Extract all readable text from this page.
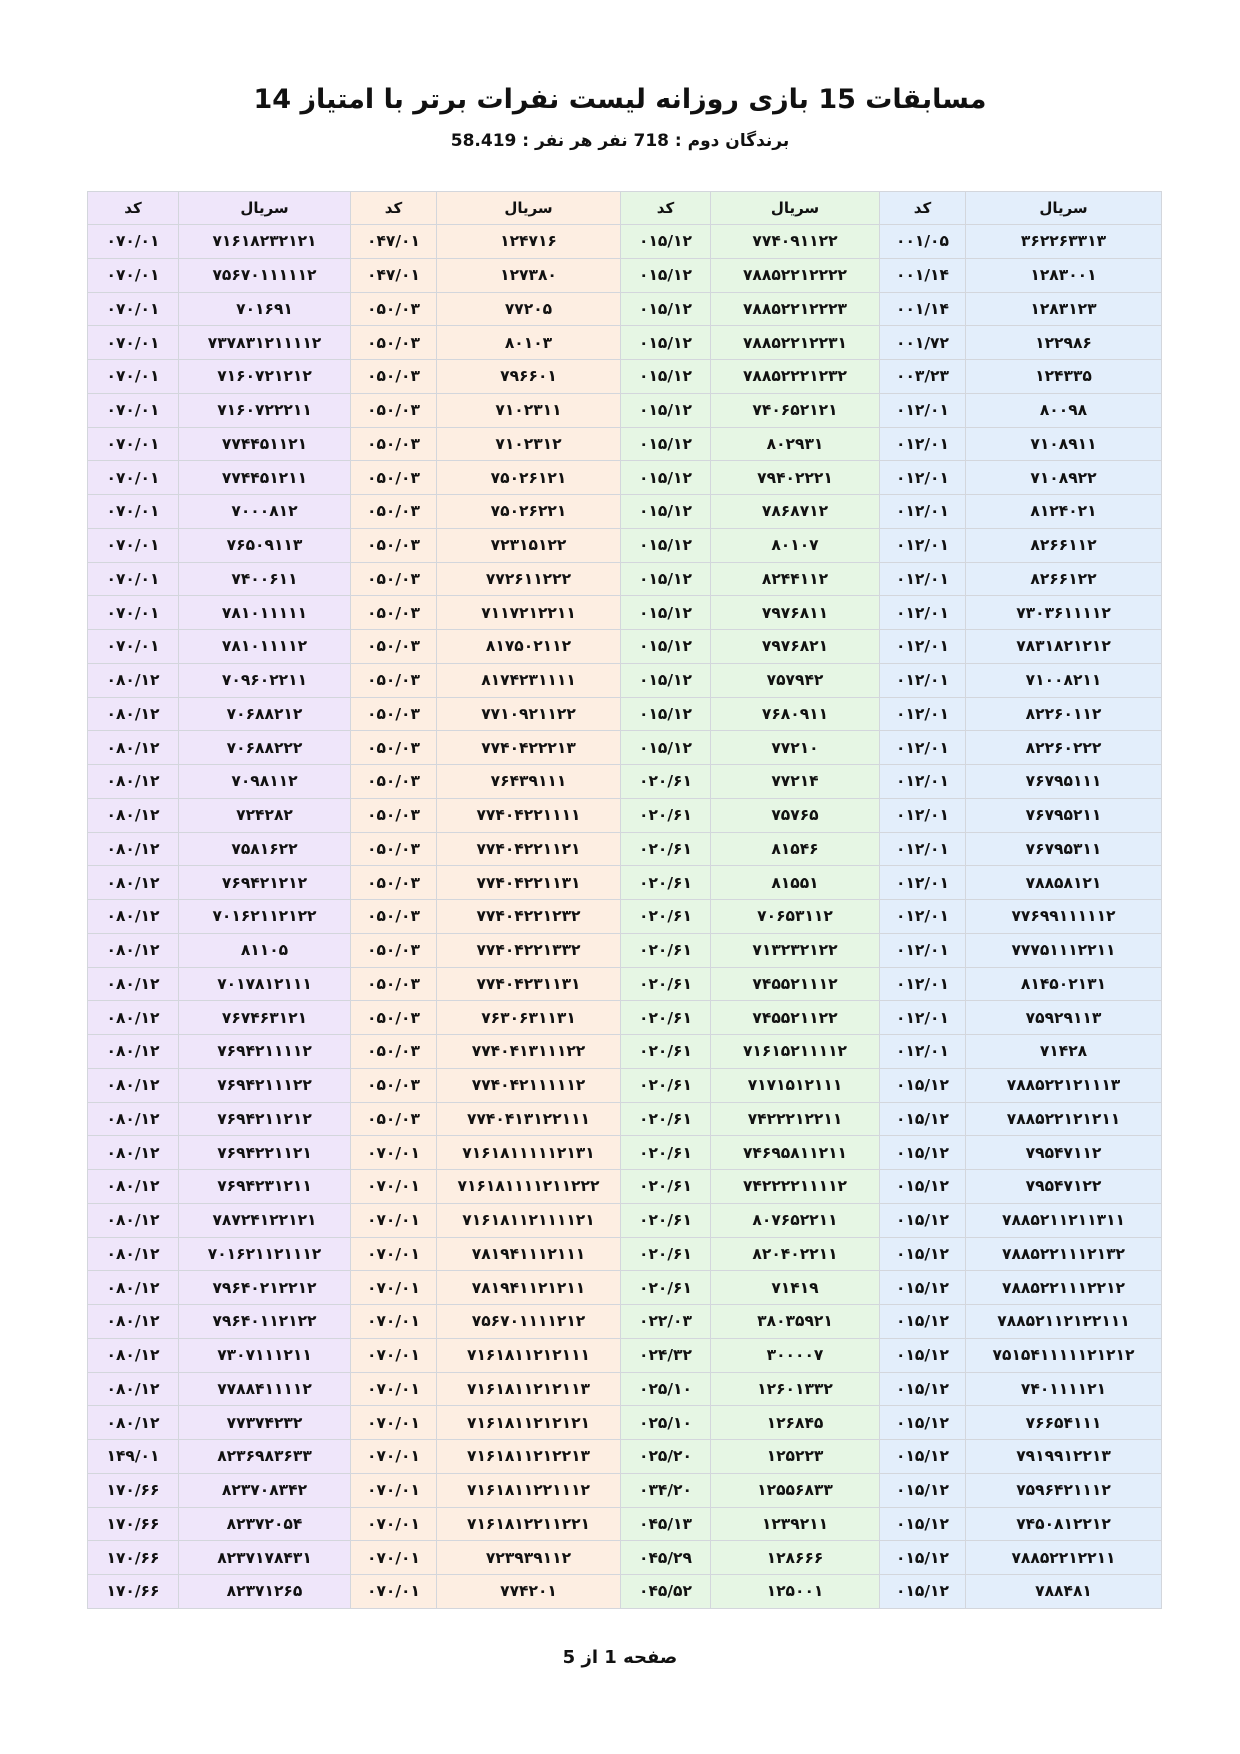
مسابقات 15 بازی روزانه لیست نفرات برتر با امتیاز 14
برندگان دوم : 718 نفر هر نفر : 58.419
سریال	کد	سریال	کد	سریال	کد	سریال	کد
۳۶۲۲۶۳۳۱۳	۰۰۱/۰۵	۷۷۴۰۹۱۱۲۲	۰۱۵/۱۲	۱۲۴۷۱۶	۰۴۷/۰۱	۷۱۶۱۸۲۳۲۱۲۱	۰۷۰/۰۱
۱۲۸۳۰۰۱	۰۰۱/۱۴	۷۸۸۵۲۲۱۲۲۲۲	۰۱۵/۱۲	۱۲۷۳۸۰	۰۴۷/۰۱	۷۵۶۷۰۱۱۱۱۱۲	۰۷۰/۰۱
۱۲۸۳۱۲۳	۰۰۱/۱۴	۷۸۸۵۲۲۱۲۲۲۳	۰۱۵/۱۲	۷۷۲۰۵	۰۵۰/۰۳	۷۰۱۶۹۱	۰۷۰/۰۱
۱۲۲۹۸۶	۰۰۱/۷۲	۷۸۸۵۲۲۱۲۲۳۱	۰۱۵/۱۲	۸۰۱۰۳	۰۵۰/۰۳	۷۳۷۸۳۱۲۱۱۱۱۲	۰۷۰/۰۱
۱۲۴۳۳۵	۰۰۳/۲۳	۷۸۸۵۲۲۲۱۲۳۲	۰۱۵/۱۲	۷۹۶۶۰۱	۰۵۰/۰۳	۷۱۶۰۷۲۱۲۱۲	۰۷۰/۰۱
۸۰۰۹۸	۰۱۲/۰۱	۷۴۰۶۵۲۱۲۱	۰۱۵/۱۲	۷۱۰۲۳۱۱	۰۵۰/۰۳	۷۱۶۰۷۲۲۲۱۱	۰۷۰/۰۱
۷۱۰۸۹۱۱	۰۱۲/۰۱	۸۰۲۹۳۱	۰۱۵/۱۲	۷۱۰۲۳۱۲	۰۵۰/۰۳	۷۷۴۴۵۱۱۲۱	۰۷۰/۰۱
۷۱۰۸۹۲۲	۰۱۲/۰۱	۷۹۴۰۲۲۲۱	۰۱۵/۱۲	۷۵۰۲۶۱۲۱	۰۵۰/۰۳	۷۷۴۴۵۱۲۱۱	۰۷۰/۰۱
۸۱۲۴۰۲۱	۰۱۲/۰۱	۷۸۶۸۷۱۲	۰۱۵/۱۲	۷۵۰۲۶۲۲۱	۰۵۰/۰۳	۷۰۰۰۸۱۲	۰۷۰/۰۱
۸۲۶۶۱۱۲	۰۱۲/۰۱	۸۰۱۰۷	۰۱۵/۱۲	۷۲۳۱۵۱۲۲	۰۵۰/۰۳	۷۶۵۰۹۱۱۳	۰۷۰/۰۱
۸۲۶۶۱۲۲	۰۱۲/۰۱	۸۲۴۴۱۱۲	۰۱۵/۱۲	۷۷۲۶۱۱۲۲۲	۰۵۰/۰۳	۷۴۰۰۶۱۱	۰۷۰/۰۱
۷۳۰۳۶۱۱۱۱۲	۰۱۲/۰۱	۷۹۷۶۸۱۱	۰۱۵/۱۲	۷۱۱۷۲۱۲۲۱۱	۰۵۰/۰۳	۷۸۱۰۱۱۱۱۱	۰۷۰/۰۱
۷۸۳۱۸۲۱۲۱۲	۰۱۲/۰۱	۷۹۷۶۸۲۱	۰۱۵/۱۲	۸۱۷۵۰۲۱۱۲	۰۵۰/۰۳	۷۸۱۰۱۱۱۱۲	۰۷۰/۰۱
۷۱۰۰۸۲۱۱	۰۱۲/۰۱	۷۵۷۹۴۲	۰۱۵/۱۲	۸۱۷۴۲۳۱۱۱۱	۰۵۰/۰۳	۷۰۹۶۰۲۲۱۱	۰۸۰/۱۲
۸۲۲۶۰۱۱۲	۰۱۲/۰۱	۷۶۸۰۹۱۱	۰۱۵/۱۲	۷۷۱۰۹۲۱۱۲۲	۰۵۰/۰۳	۷۰۶۸۸۲۱۲	۰۸۰/۱۲
۸۲۲۶۰۲۲۲	۰۱۲/۰۱	۷۷۲۱۰	۰۱۵/۱۲	۷۷۴۰۴۲۲۲۱۳	۰۵۰/۰۳	۷۰۶۸۸۲۲۲	۰۸۰/۱۲
۷۶۷۹۵۱۱۱	۰۱۲/۰۱	۷۷۲۱۴	۰۲۰/۶۱	۷۶۴۳۹۱۱۱	۰۵۰/۰۳	۷۰۹۸۱۱۲	۰۸۰/۱۲
۷۶۷۹۵۲۱۱	۰۱۲/۰۱	۷۵۷۶۵	۰۲۰/۶۱	۷۷۴۰۴۲۲۱۱۱۱	۰۵۰/۰۳	۷۲۴۲۸۲	۰۸۰/۱۲
۷۶۷۹۵۳۱۱	۰۱۲/۰۱	۸۱۵۴۶	۰۲۰/۶۱	۷۷۴۰۴۲۲۱۱۲۱	۰۵۰/۰۳	۷۵۸۱۶۲۲	۰۸۰/۱۲
۷۸۸۵۸۱۲۱	۰۱۲/۰۱	۸۱۵۵۱	۰۲۰/۶۱	۷۷۴۰۴۲۲۱۱۳۱	۰۵۰/۰۳	۷۶۹۴۲۱۲۱۲	۰۸۰/۱۲
۷۷۶۹۹۱۱۱۱۱۲	۰۱۲/۰۱	۷۰۶۵۳۱۱۲	۰۲۰/۶۱	۷۷۴۰۴۲۲۱۲۳۲	۰۵۰/۰۳	۷۰۱۶۲۱۱۲۱۲۲	۰۸۰/۱۲
۷۷۷۵۱۱۱۲۲۱۱	۰۱۲/۰۱	۷۱۳۲۳۲۱۲۲	۰۲۰/۶۱	۷۷۴۰۴۲۲۱۳۳۲	۰۵۰/۰۳	۸۱۱۰۵	۰۸۰/۱۲
۸۱۴۵۰۲۱۳۱	۰۱۲/۰۱	۷۴۵۵۲۱۱۱۲	۰۲۰/۶۱	۷۷۴۰۴۲۳۱۱۳۱	۰۵۰/۰۳	۷۰۱۷۸۱۲۱۱۱	۰۸۰/۱۲
۷۵۹۲۹۱۱۳	۰۱۲/۰۱	۷۴۵۵۲۱۱۲۲	۰۲۰/۶۱	۷۶۳۰۶۳۱۱۳۱	۰۵۰/۰۳	۷۶۷۴۶۳۱۲۱	۰۸۰/۱۲
۷۱۴۲۸	۰۱۲/۰۱	۷۱۶۱۵۲۱۱۱۱۲	۰۲۰/۶۱	۷۷۴۰۴۱۳۱۱۱۲۲	۰۵۰/۰۳	۷۶۹۴۲۱۱۱۱۲	۰۸۰/۱۲
۷۸۸۵۲۲۱۲۱۱۱۳	۰۱۵/۱۲	۷۱۷۱۵۱۲۱۱۱	۰۲۰/۶۱	۷۷۴۰۴۲۱۱۱۱۱۲	۰۵۰/۰۳	۷۶۹۴۲۱۱۱۲۲	۰۸۰/۱۲
۷۸۸۵۲۲۱۲۱۲۱۱	۰۱۵/۱۲	۷۴۲۲۲۱۲۲۱۱	۰۲۰/۶۱	۷۷۴۰۴۱۳۱۲۲۱۱۱	۰۵۰/۰۳	۷۶۹۴۲۱۱۲۱۲	۰۸۰/۱۲
۷۹۵۴۷۱۱۲	۰۱۵/۱۲	۷۴۶۹۵۸۱۱۲۱۱	۰۲۰/۶۱	۷۱۶۱۸۱۱۱۱۱۲۱۳۱	۰۷۰/۰۱	۷۶۹۴۲۲۱۱۲۱	۰۸۰/۱۲
۷۹۵۴۷۱۲۲	۰۱۵/۱۲	۷۴۲۲۲۲۱۱۱۱۲	۰۲۰/۶۱	۷۱۶۱۸۱۱۱۱۲۱۱۲۲۲	۰۷۰/۰۱	۷۶۹۴۲۳۱۲۱۱	۰۸۰/۱۲
۷۸۸۵۲۱۱۲۱۱۳۱۱	۰۱۵/۱۲	۸۰۷۶۵۲۲۱۱	۰۲۰/۶۱	۷۱۶۱۸۱۱۲۱۱۱۱۲۱	۰۷۰/۰۱	۷۸۷۲۴۱۲۲۱۲۱	۰۸۰/۱۲
۷۸۸۵۲۲۱۱۱۲۱۳۲	۰۱۵/۱۲	۸۲۰۴۰۲۲۱۱	۰۲۰/۶۱	۷۸۱۹۴۱۱۱۲۱۱۱	۰۷۰/۰۱	۷۰۱۶۲۱۱۲۱۱۱۲	۰۸۰/۱۲
۷۸۸۵۲۲۱۱۱۲۲۱۲	۰۱۵/۱۲	۷۱۴۱۹	۰۲۰/۶۱	۷۸۱۹۴۱۱۲۱۲۱۱	۰۷۰/۰۱	۷۹۶۴۰۲۱۲۲۱۲	۰۸۰/۱۲
۷۸۸۵۲۱۱۲۱۲۲۱۱۱	۰۱۵/۱۲	۳۸۰۳۵۹۲۱	۰۲۲/۰۳	۷۵۶۷۰۱۱۱۱۲۱۲	۰۷۰/۰۱	۷۹۶۴۰۱۱۲۱۲۲	۰۸۰/۱۲
۷۵۱۵۴۱۱۱۱۱۲۱۲۱۲	۰۱۵/۱۲	۳۰۰۰۰۷	۰۲۴/۳۲	۷۱۶۱۸۱۱۲۱۲۱۱۱	۰۷۰/۰۱	۷۳۰۷۱۱۱۲۱۱	۰۸۰/۱۲
۷۴۰۱۱۱۱۲۱	۰۱۵/۱۲	۱۲۶۰۱۳۳۲	۰۲۵/۱۰	۷۱۶۱۸۱۱۲۱۲۱۱۳	۰۷۰/۰۱	۷۷۸۸۴۱۱۱۱۲	۰۸۰/۱۲
۷۶۶۵۴۱۱۱	۰۱۵/۱۲	۱۲۶۸۴۵	۰۲۵/۱۰	۷۱۶۱۸۱۱۲۱۲۱۲۱	۰۷۰/۰۱	۷۷۳۷۴۲۳۲	۰۸۰/۱۲
۷۹۱۹۹۱۲۲۱۳	۰۱۵/۱۲	۱۲۵۲۲۳	۰۲۵/۲۰	۷۱۶۱۸۱۱۲۱۲۲۱۳	۰۷۰/۰۱	۸۲۳۶۹۸۳۶۳۳	۱۴۹/۰۱
۷۵۹۶۴۲۱۱۱۲	۰۱۵/۱۲	۱۲۵۵۶۸۳۳	۰۳۴/۲۰	۷۱۶۱۸۱۱۲۲۱۱۱۲	۰۷۰/۰۱	۸۲۳۷۰۸۳۴۲	۱۷۰/۶۶
۷۴۵۰۸۱۲۲۱۲	۰۱۵/۱۲	۱۲۳۹۲۱۱	۰۴۵/۱۳	۷۱۶۱۸۱۲۲۱۱۲۲۱	۰۷۰/۰۱	۸۲۳۷۲۰۵۴	۱۷۰/۶۶
۷۸۸۵۲۲۱۲۲۱۱	۰۱۵/۱۲	۱۲۸۶۶۶	۰۴۵/۲۹	۷۲۳۹۳۹۱۱۲	۰۷۰/۰۱	۸۲۳۷۱۷۸۴۳۱	۱۷۰/۶۶
۷۸۸۴۸۱	۰۱۵/۱۲	۱۲۵۰۰۱	۰۴۵/۵۲	۷۷۴۲۰۱	۰۷۰/۰۱	۸۲۳۷۱۲۶۵	۱۷۰/۶۶
صفحه 1 از 5
